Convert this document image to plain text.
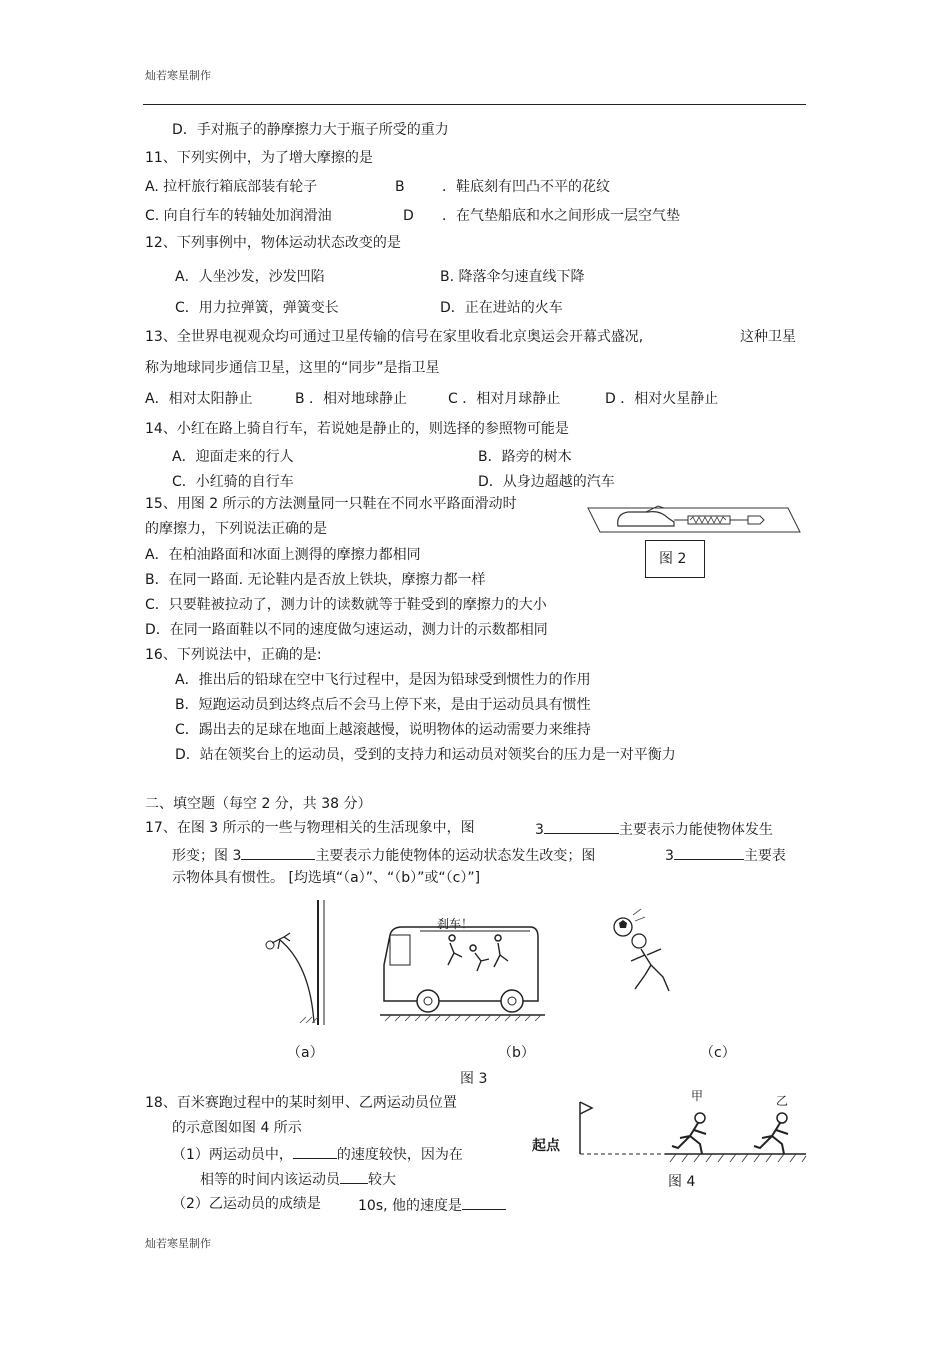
灿若寒星制作
D．手对瓶子的静摩擦力大于瓶子所受的重力
11、下列实例中，为了增大摩擦的是
A. 拉杆旅行箱底部装有轮子	B	．鞋底刻有凹凸不平的花纹
C. 向自行车的转轴处加润滑油	D ．在气垫船底和水之间形成一层空气垫
12、下列事例中，物体运动状态改变的是
A．人坐沙发，沙发凹陷	B. 降落伞匀速直线下降
C．用力拉弹簧，弹簧变长	D．正在进站的火车
13、全世界电视观众均可通过卫星传输的信号在家里收看北京奥运会开幕式盛况,	这种卫星
称为地球同步通信卫星，这里的“同步”是指卫星
A．相对太阳静止	B ．相对地球静止	C ．相对月球静止	D ．相对火星静止
14、小红在路上骑自行车，若说她是静止的，则选择的参照物可能是
A．迎面走来的行人	B．路旁的树木
C．小红骑的自行车	D．从身边超越的汽车
15、用图 2 所示的方法测量同一只鞋在不同水平路面滑动时
的摩擦力，下列说法正确的是
A．在柏油路面和冰面上测得的摩擦力都相同
B．在同一路面. 无论鞋内是否放上铁块，摩擦力都一样
C．只要鞋被拉动了，测力计的读数就等于鞋受到的摩擦力的大小
D．在同一路面鞋以不同的速度做匀速运动，测力计的示数都相同
图 2
16、下列说法中，正确的是:
A．推出后的铅球在空中飞行过程中，是因为铅球受到惯性力的作用
B．短跑运动员到达终点后不会马上停下来，是由于运动员具有惯性
C．踢出去的足球在地面上越滚越慢，说明物体的运动需要力来维持
D．站在领奖台上的运动员，受到的支持力和运动员对领奖台的压力是一对平衡力
二、填空题（每空 2 分，共 38 分）
17、在图 3 所示的一些与物理相关的生活现象中，图	3	主要表示力能使物体发生
形变；图 3	主要表示力能使物体的运动状态发生改变；图	3	主要表
示物体具有惯性。 [均选填“（a）”、“（b）”或“（c）”]
刹车！
（a）	（b）	（c）
图 3
18、百米赛跑过程中的某时刻甲、乙两运动员位置
的示意图如图 4 所示
（1）两运动员中，	的速度较快，因为在
相等的时间内该运动员 较大
（2）乙运动员的成绩是	10s, 他的速度是
起点
甲	乙
图 4
灿若寒星制作
